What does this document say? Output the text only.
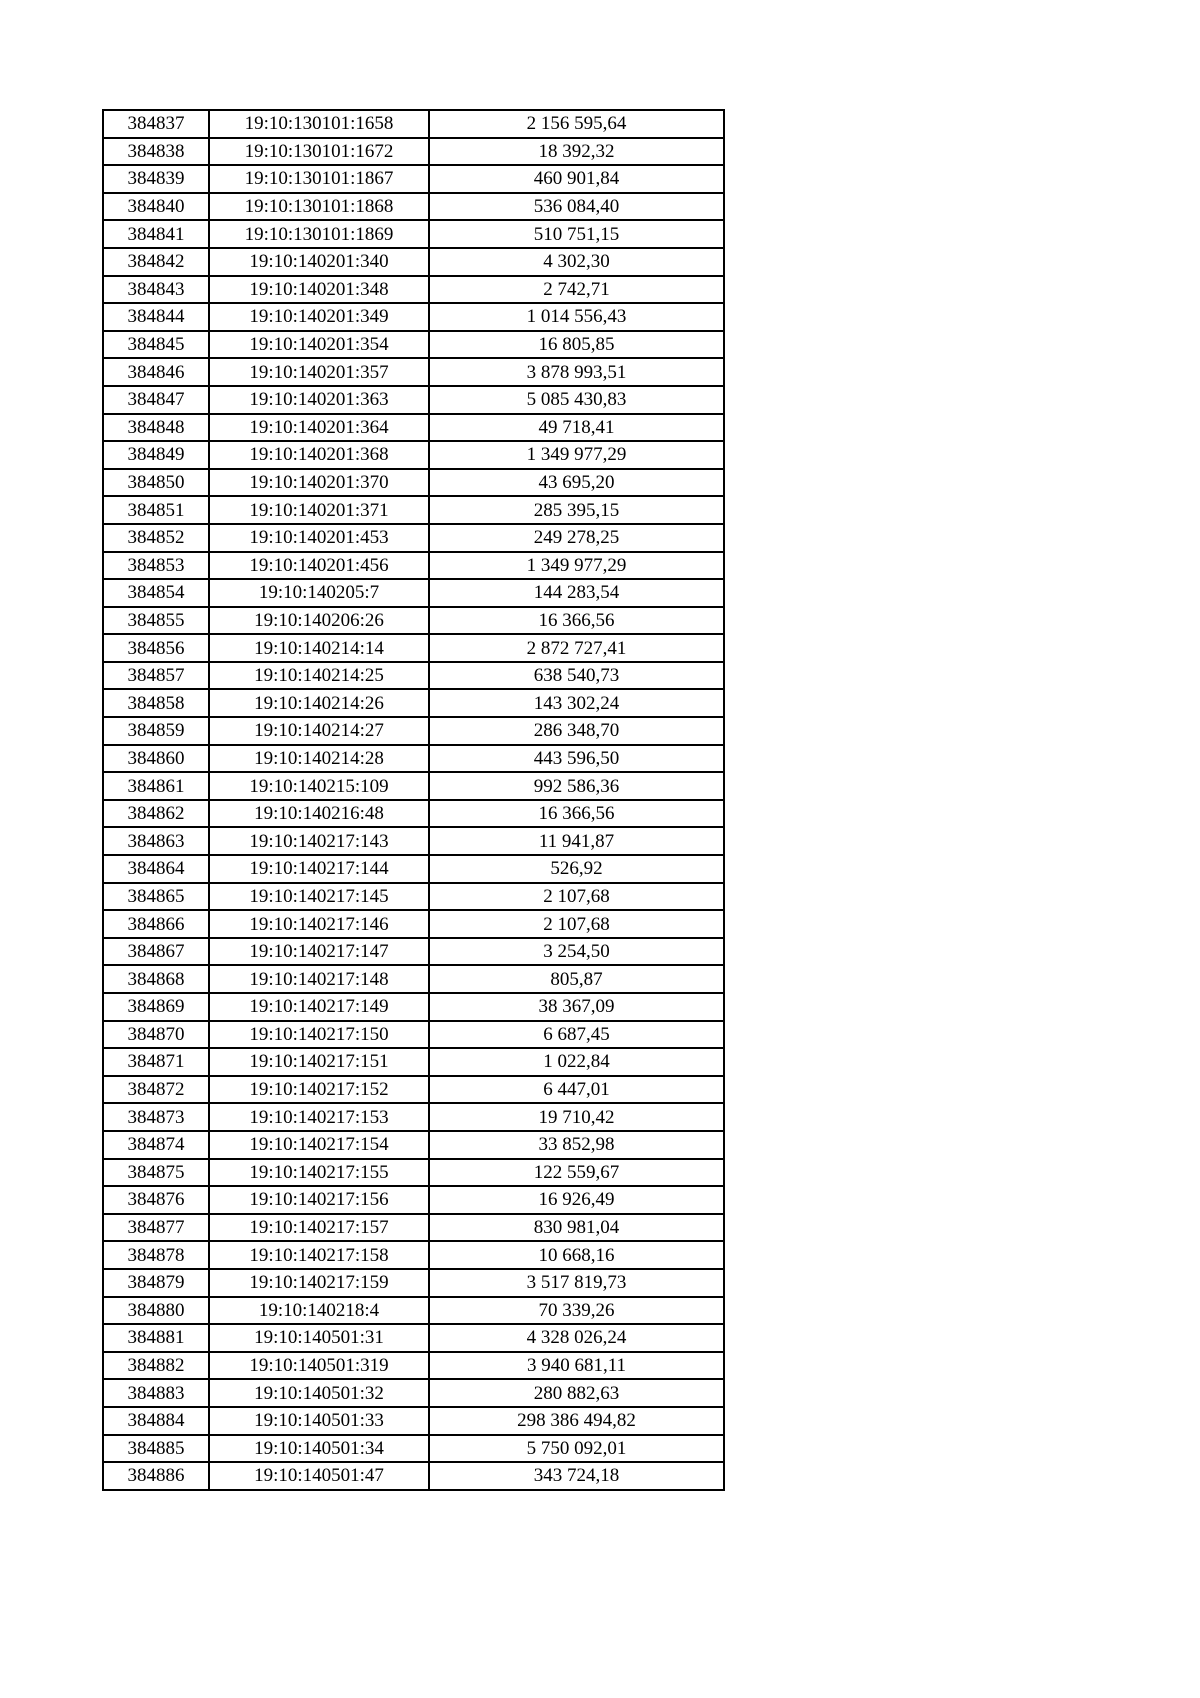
384837	19:10:130101:1658	2 156 595,64
384838	19:10:130101:1672	18 392,32
384839	19:10:130101:1867	460 901,84
384840	19:10:130101:1868	536 084,40
384841	19:10:130101:1869	510 751,15
384842	19:10:140201:340	4 302,30
384843	19:10:140201:348	2 742,71
384844	19:10:140201:349	1 014 556,43
384845	19:10:140201:354	16 805,85
384846	19:10:140201:357	3 878 993,51
384847	19:10:140201:363	5 085 430,83
384848	19:10:140201:364	49 718,41
384849	19:10:140201:368	1 349 977,29
384850	19:10:140201:370	43 695,20
384851	19:10:140201:371	285 395,15
384852	19:10:140201:453	249 278,25
384853	19:10:140201:456	1 349 977,29
384854	19:10:140205:7	144 283,54
384855	19:10:140206:26	16 366,56
384856	19:10:140214:14	2 872 727,41
384857	19:10:140214:25	638 540,73
384858	19:10:140214:26	143 302,24
384859	19:10:140214:27	286 348,70
384860	19:10:140214:28	443 596,50
384861	19:10:140215:109	992 586,36
384862	19:10:140216:48	16 366,56
384863	19:10:140217:143	11 941,87
384864	19:10:140217:144	526,92
384865	19:10:140217:145	2 107,68
384866	19:10:140217:146	2 107,68
384867	19:10:140217:147	3 254,50
384868	19:10:140217:148	805,87
384869	19:10:140217:149	38 367,09
384870	19:10:140217:150	6 687,45
384871	19:10:140217:151	1 022,84
384872	19:10:140217:152	6 447,01
384873	19:10:140217:153	19 710,42
384874	19:10:140217:154	33 852,98
384875	19:10:140217:155	122 559,67
384876	19:10:140217:156	16 926,49
384877	19:10:140217:157	830 981,04
384878	19:10:140217:158	10 668,16
384879	19:10:140217:159	3 517 819,73
384880	19:10:140218:4	70 339,26
384881	19:10:140501:31	4 328 026,24
384882	19:10:140501:319	3 940 681,11
384883	19:10:140501:32	280 882,63
384884	19:10:140501:33	298 386 494,82
384885	19:10:140501:34	5 750 092,01
384886	19:10:140501:47	343 724,18
